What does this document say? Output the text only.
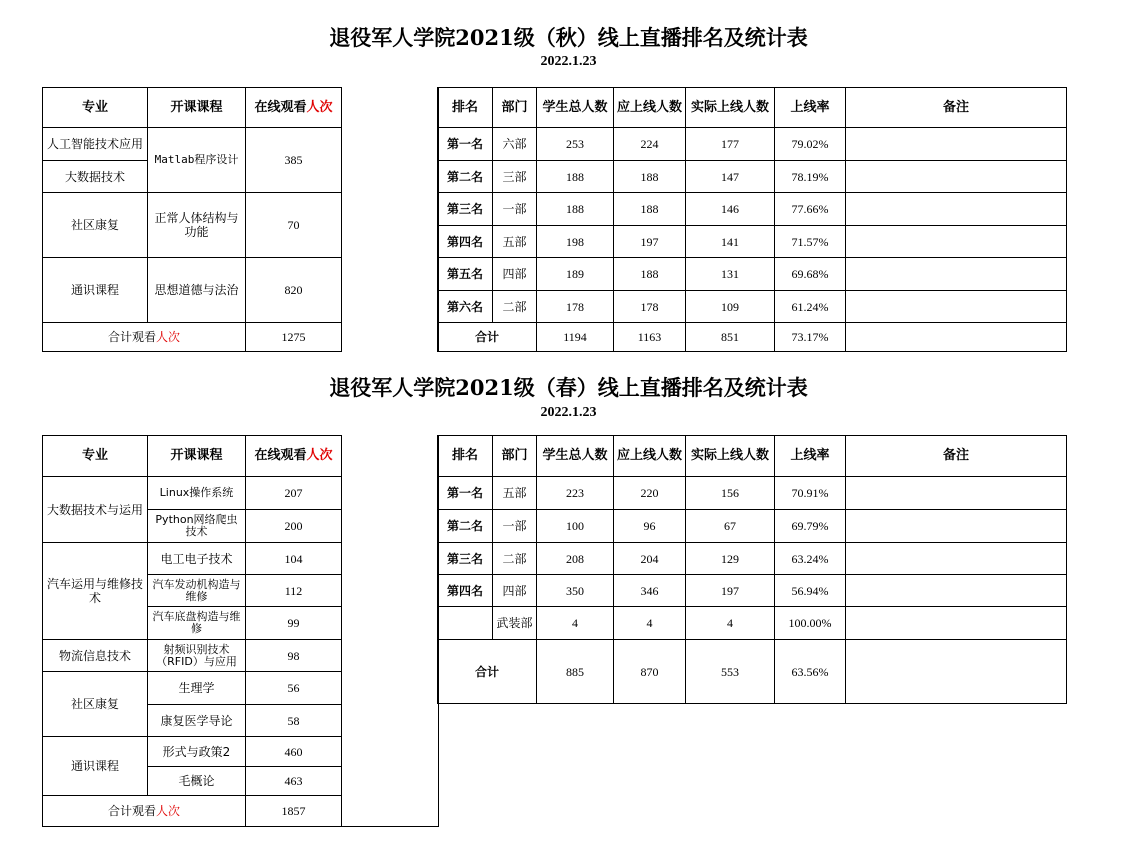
退役军人学院2021级（秋）线上直播排名及统计表
2022.1.23
专业	开课课程	在线观看人次	
人工智能技术应用	Matlab程序设计	385	
大数据技术			
社区康复	正常人体结构与功能	70	
通识课程	思想道德与法治	820	
合计观看人次		1275	
排名	部门	学生总人数	应上线人数	实际上线人数	上线率	备注
第一名	六部	253	224	177	79.02%	
第二名	三部	188	188	147	78.19%	
第三名	一部	188	188	146	77.66%	
第四名	五部	198	197	141	71.57%	
第五名	四部	189	188	131	69.68%	
第六名	二部	178	178	109	61.24%	
合计		1194	1163	851	73.17%	
退役军人学院2021级（春）线上直播排名及统计表
2022.1.23
专业	开课课程	在线观看人次	
大数据技术与运用	Linux操作系统	207	
	Python网络爬虫技术	200	
汽车运用与维修技术	电工电子技术	104	
	汽车发动机构造与维修	112	
	汽车底盘构造与维修	99	
物流信息技术	射频识别技术（RFID）与应用	98	
社区康复	生理学	56	
	康复医学导论	58	
通识课程	形式与政策2	460	
	毛概论	463	
合计观看人次		1857	
排名	部门	学生总人数	应上线人数	实际上线人数	上线率	备注
第一名	五部	223	220	156	70.91%	
第二名	一部	100	96	67	69.79%	
第三名	二部	208	204	129	63.24%	
第四名	四部	350	346	197	56.94%	
	武装部	4	4	4	100.00%	
合计		885	870	553	63.56%	
